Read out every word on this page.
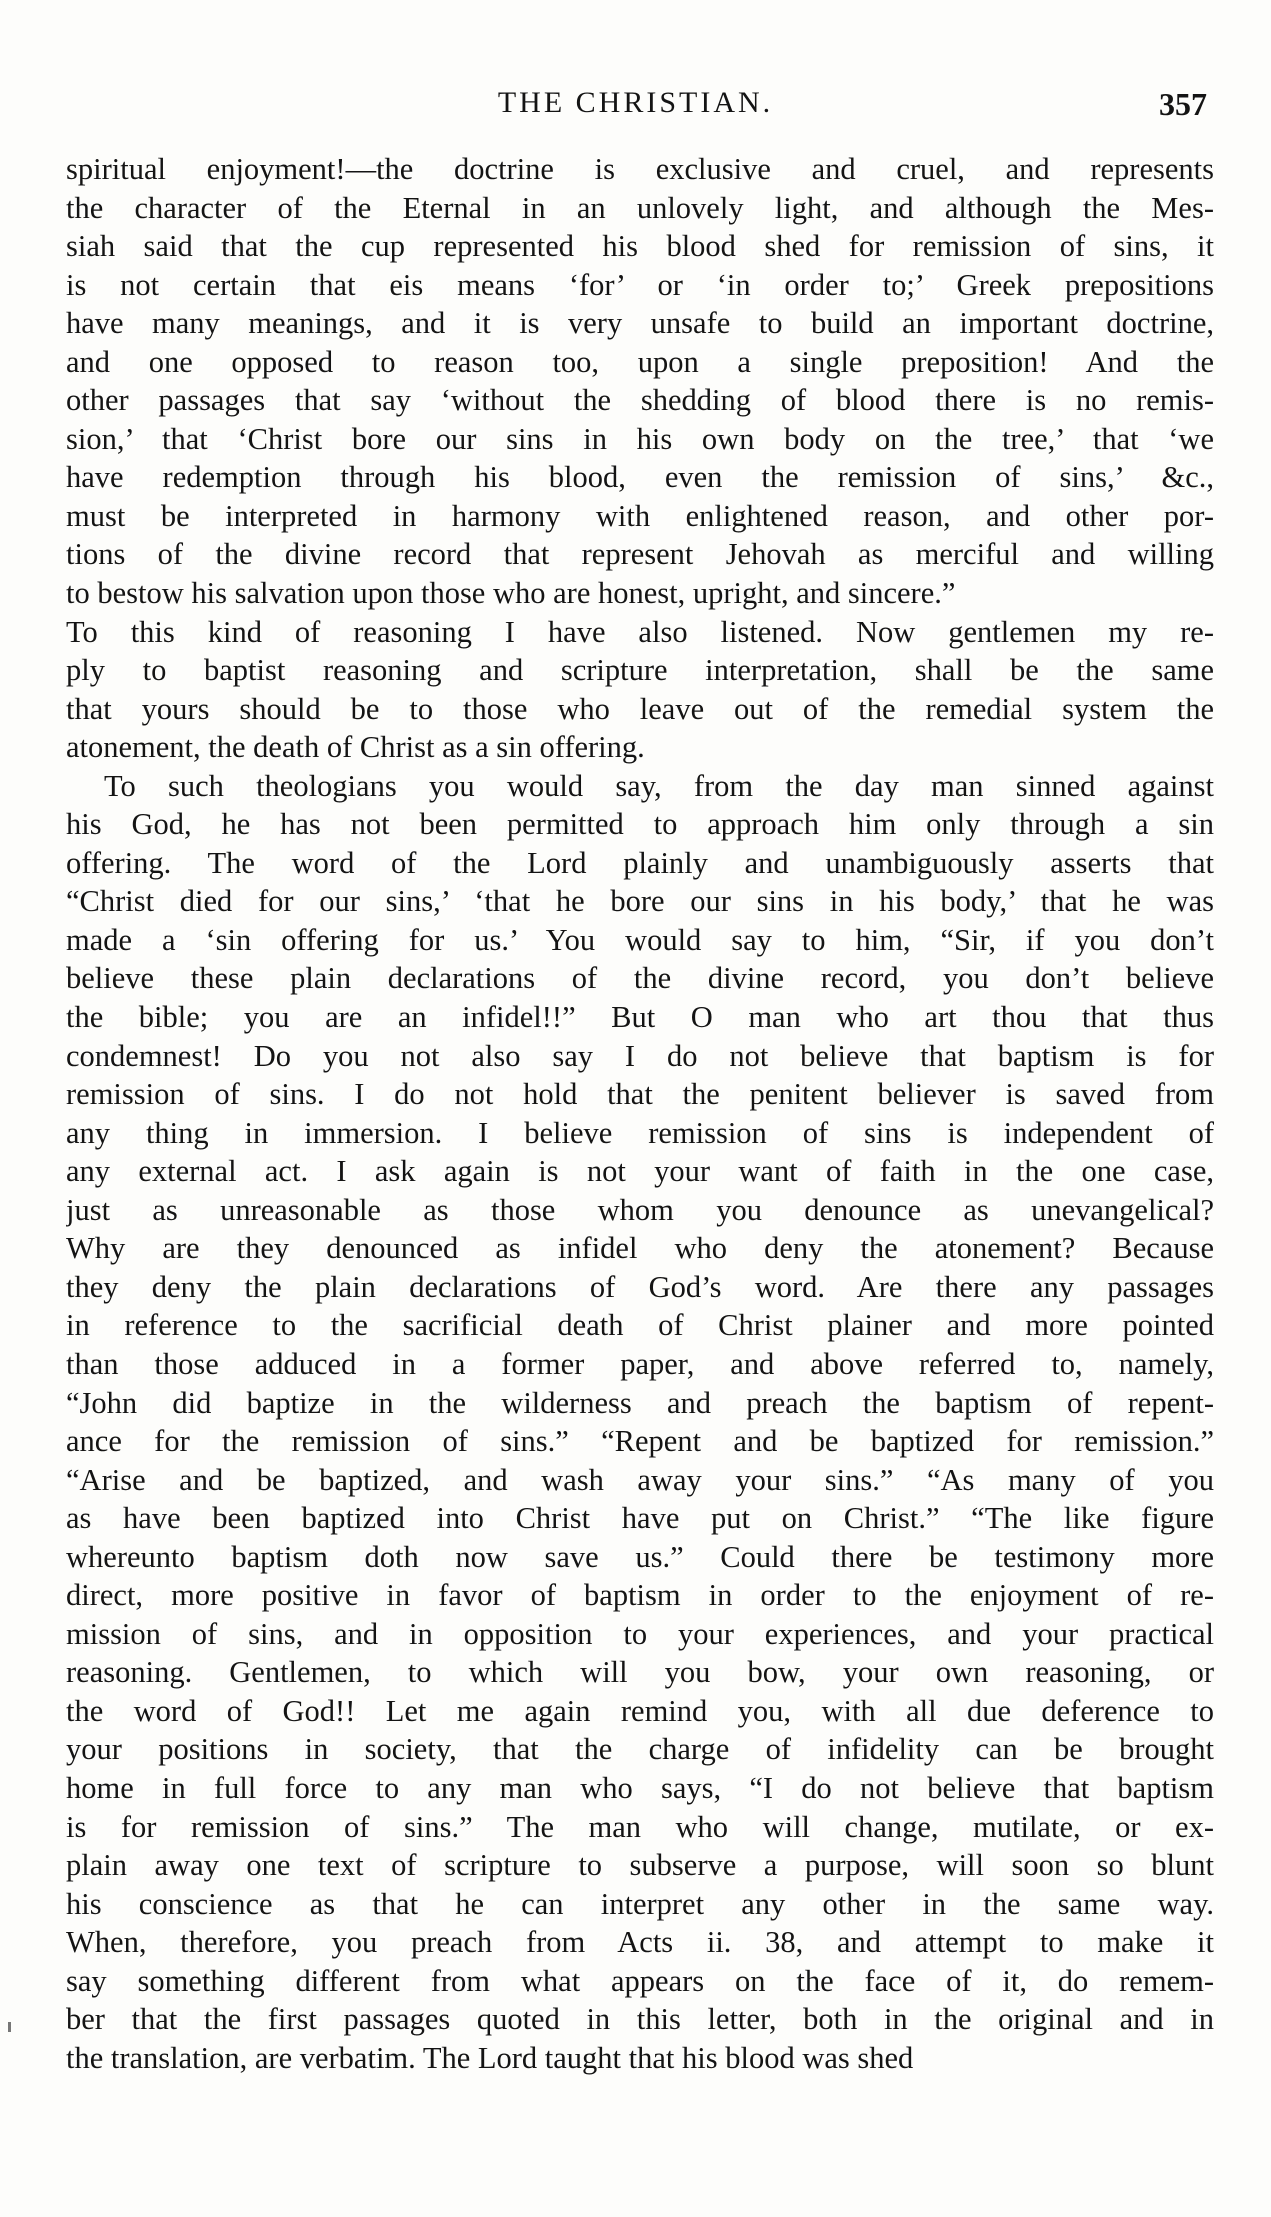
THE CHRISTIAN.	357
spiritual enjoyment!—the doctrine is exclusive and cruel, and represents
the character of the Eternal in an unlovely light, and although the Mes-
siah said that the cup represented his blood shed for remission of sins, it
is not certain that eis means ‘for’ or ‘in order to;’ Greek prepositions
have many meanings, and it is very unsafe to build an important doctrine,
and one opposed to reason too, upon a single preposition! And the
other passages that say ‘without the shedding of blood there is no remis-
sion,’ that ‘Christ bore our sins in his own body on the tree,’ that ‘we
have redemption through his blood, even the remission of sins,’ &c.,
must be interpreted in harmony with enlightened reason, and other por-
tions of the divine record that represent Jehovah as merciful and willing
to bestow his salvation upon those who are honest, upright, and sincere.”
To this kind of reasoning I have also listened. Now gentlemen my re-
ply to baptist reasoning and scripture interpretation, shall be the same
that yours should be to those who leave out of the remedial system the
atonement, the death of Christ as a sin offering.
To such theologians you would say, from the day man sinned against
his God, he has not been permitted to approach him only through a sin
offering. The word of the Lord plainly and unambiguously asserts that
“Christ died for our sins,’ ‘that he bore our sins in his body,’ that he was
made a ‘sin offering for us.’ You would say to him, “Sir, if you don’t
believe these plain declarations of the divine record, you don’t believe
the bible; you are an infidel!!” But O man who art thou that thus
condemnest! Do you not also say I do not believe that baptism is for
remission of sins. I do not hold that the penitent believer is saved from
any thing in immersion. I believe remission of sins is independent of
any external act. I ask again is not your want of faith in the one case,
just as unreasonable as those whom you denounce as unevangelical?
Why are they denounced as infidel who deny the atonement? Because
they deny the plain declarations of God’s word. Are there any passages
in reference to the sacrificial death of Christ plainer and more pointed
than those adduced in a former paper, and above referred to, namely,
“John did baptize in the wilderness and preach the baptism of repent-
ance for the remission of sins.” “Repent and be baptized for remission.”
“Arise and be baptized, and wash away your sins.” “As many of you
as have been baptized into Christ have put on Christ.” “The like figure
whereunto baptism doth now save us.” Could there be testimony more
direct, more positive in favor of baptism in order to the enjoyment of re-
mission of sins, and in opposition to your experiences, and your practical
reasoning. Gentlemen, to which will you bow, your own reasoning, or
the word of God!! Let me again remind you, with all due deference to
your positions in society, that the charge of infidelity can be brought
home in full force to any man who says, “I do not believe that baptism
is for remission of sins.” The man who will change, mutilate, or ex-
plain away one text of scripture to subserve a purpose, will soon so blunt
his conscience as that he can interpret any other in the same way.
When, therefore, you preach from Acts ii. 38, and attempt to make it
say something different from what appears on the face of it, do remem-
ber that the first passages quoted in this letter, both in the original and in
the translation, are verbatim. The Lord taught that his blood was shed
